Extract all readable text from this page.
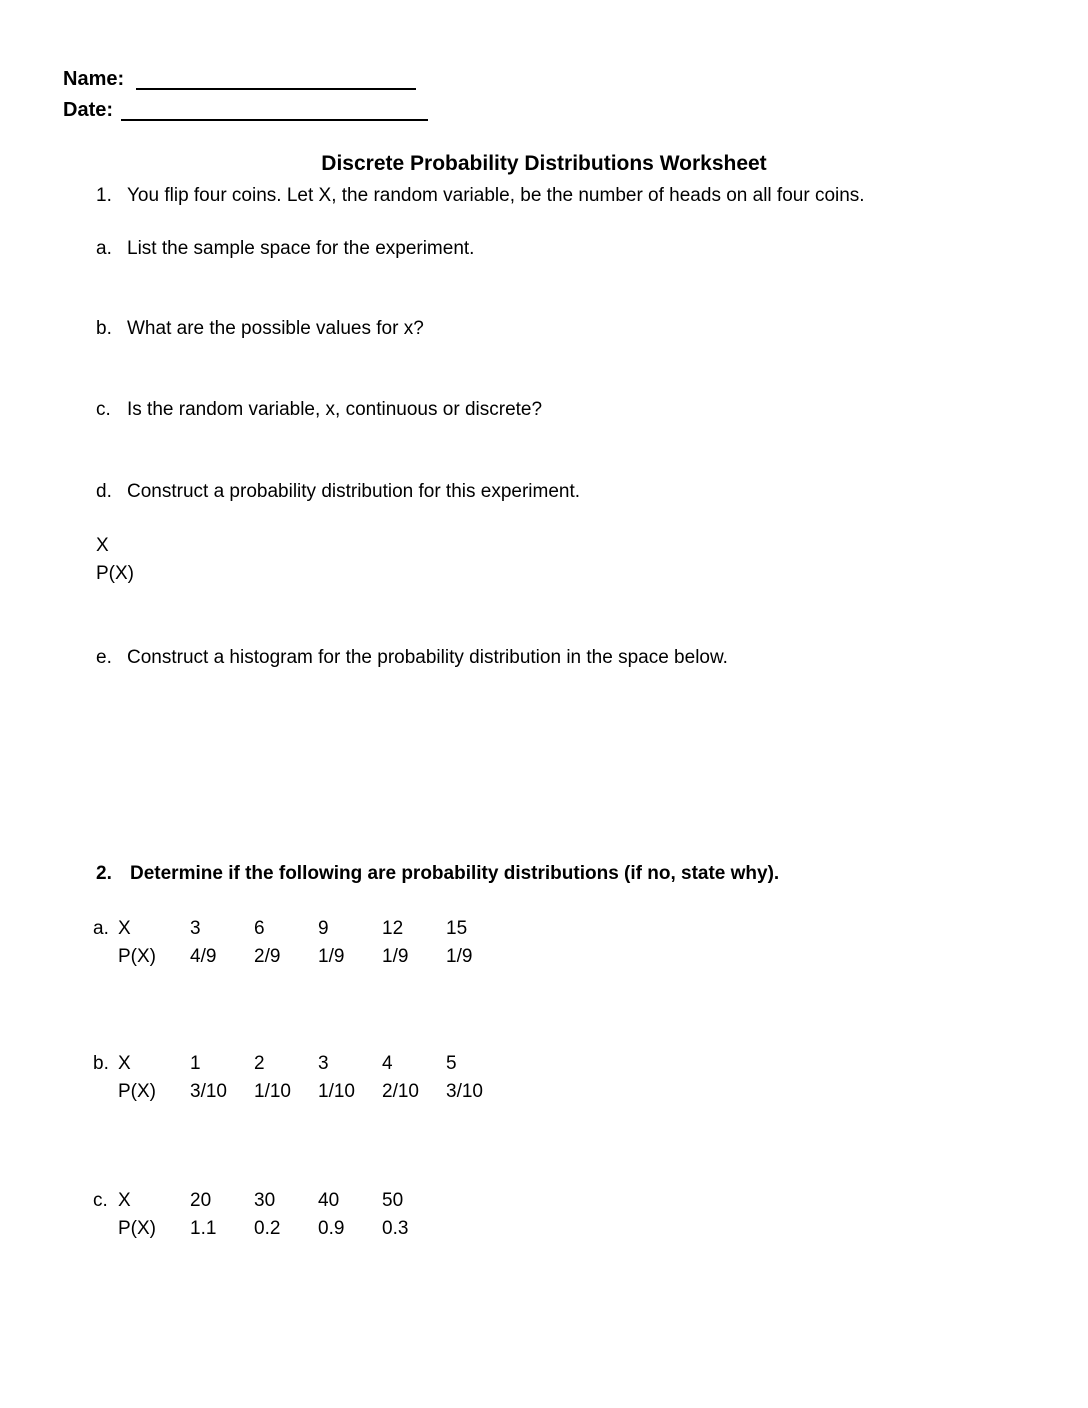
Name:
Date:
Discrete Probability Distributions Worksheet
1. You flip four coins. Let X, the random variable, be the number of heads on all four coins.
a. List the sample space for the experiment.
b. What are the possible values for x?
c. Is the random variable, x, continuous or discrete?
d. Construct a probability distribution for this experiment.
X
P(X)
e. Construct a histogram for the probability distribution in the space below.
2. Determine if the following are probability distributions (if no, state why).
a. X	3	6	9	12	15
P(X)	4/9	2/9	1/9	1/9	1/9
b. X	1	2	3	4	5
P(X)	3/10	1/10	1/10	2/10	3/10
c. X	20	30	40	50
P(X)	1.1	0.2	0.9	0.3
